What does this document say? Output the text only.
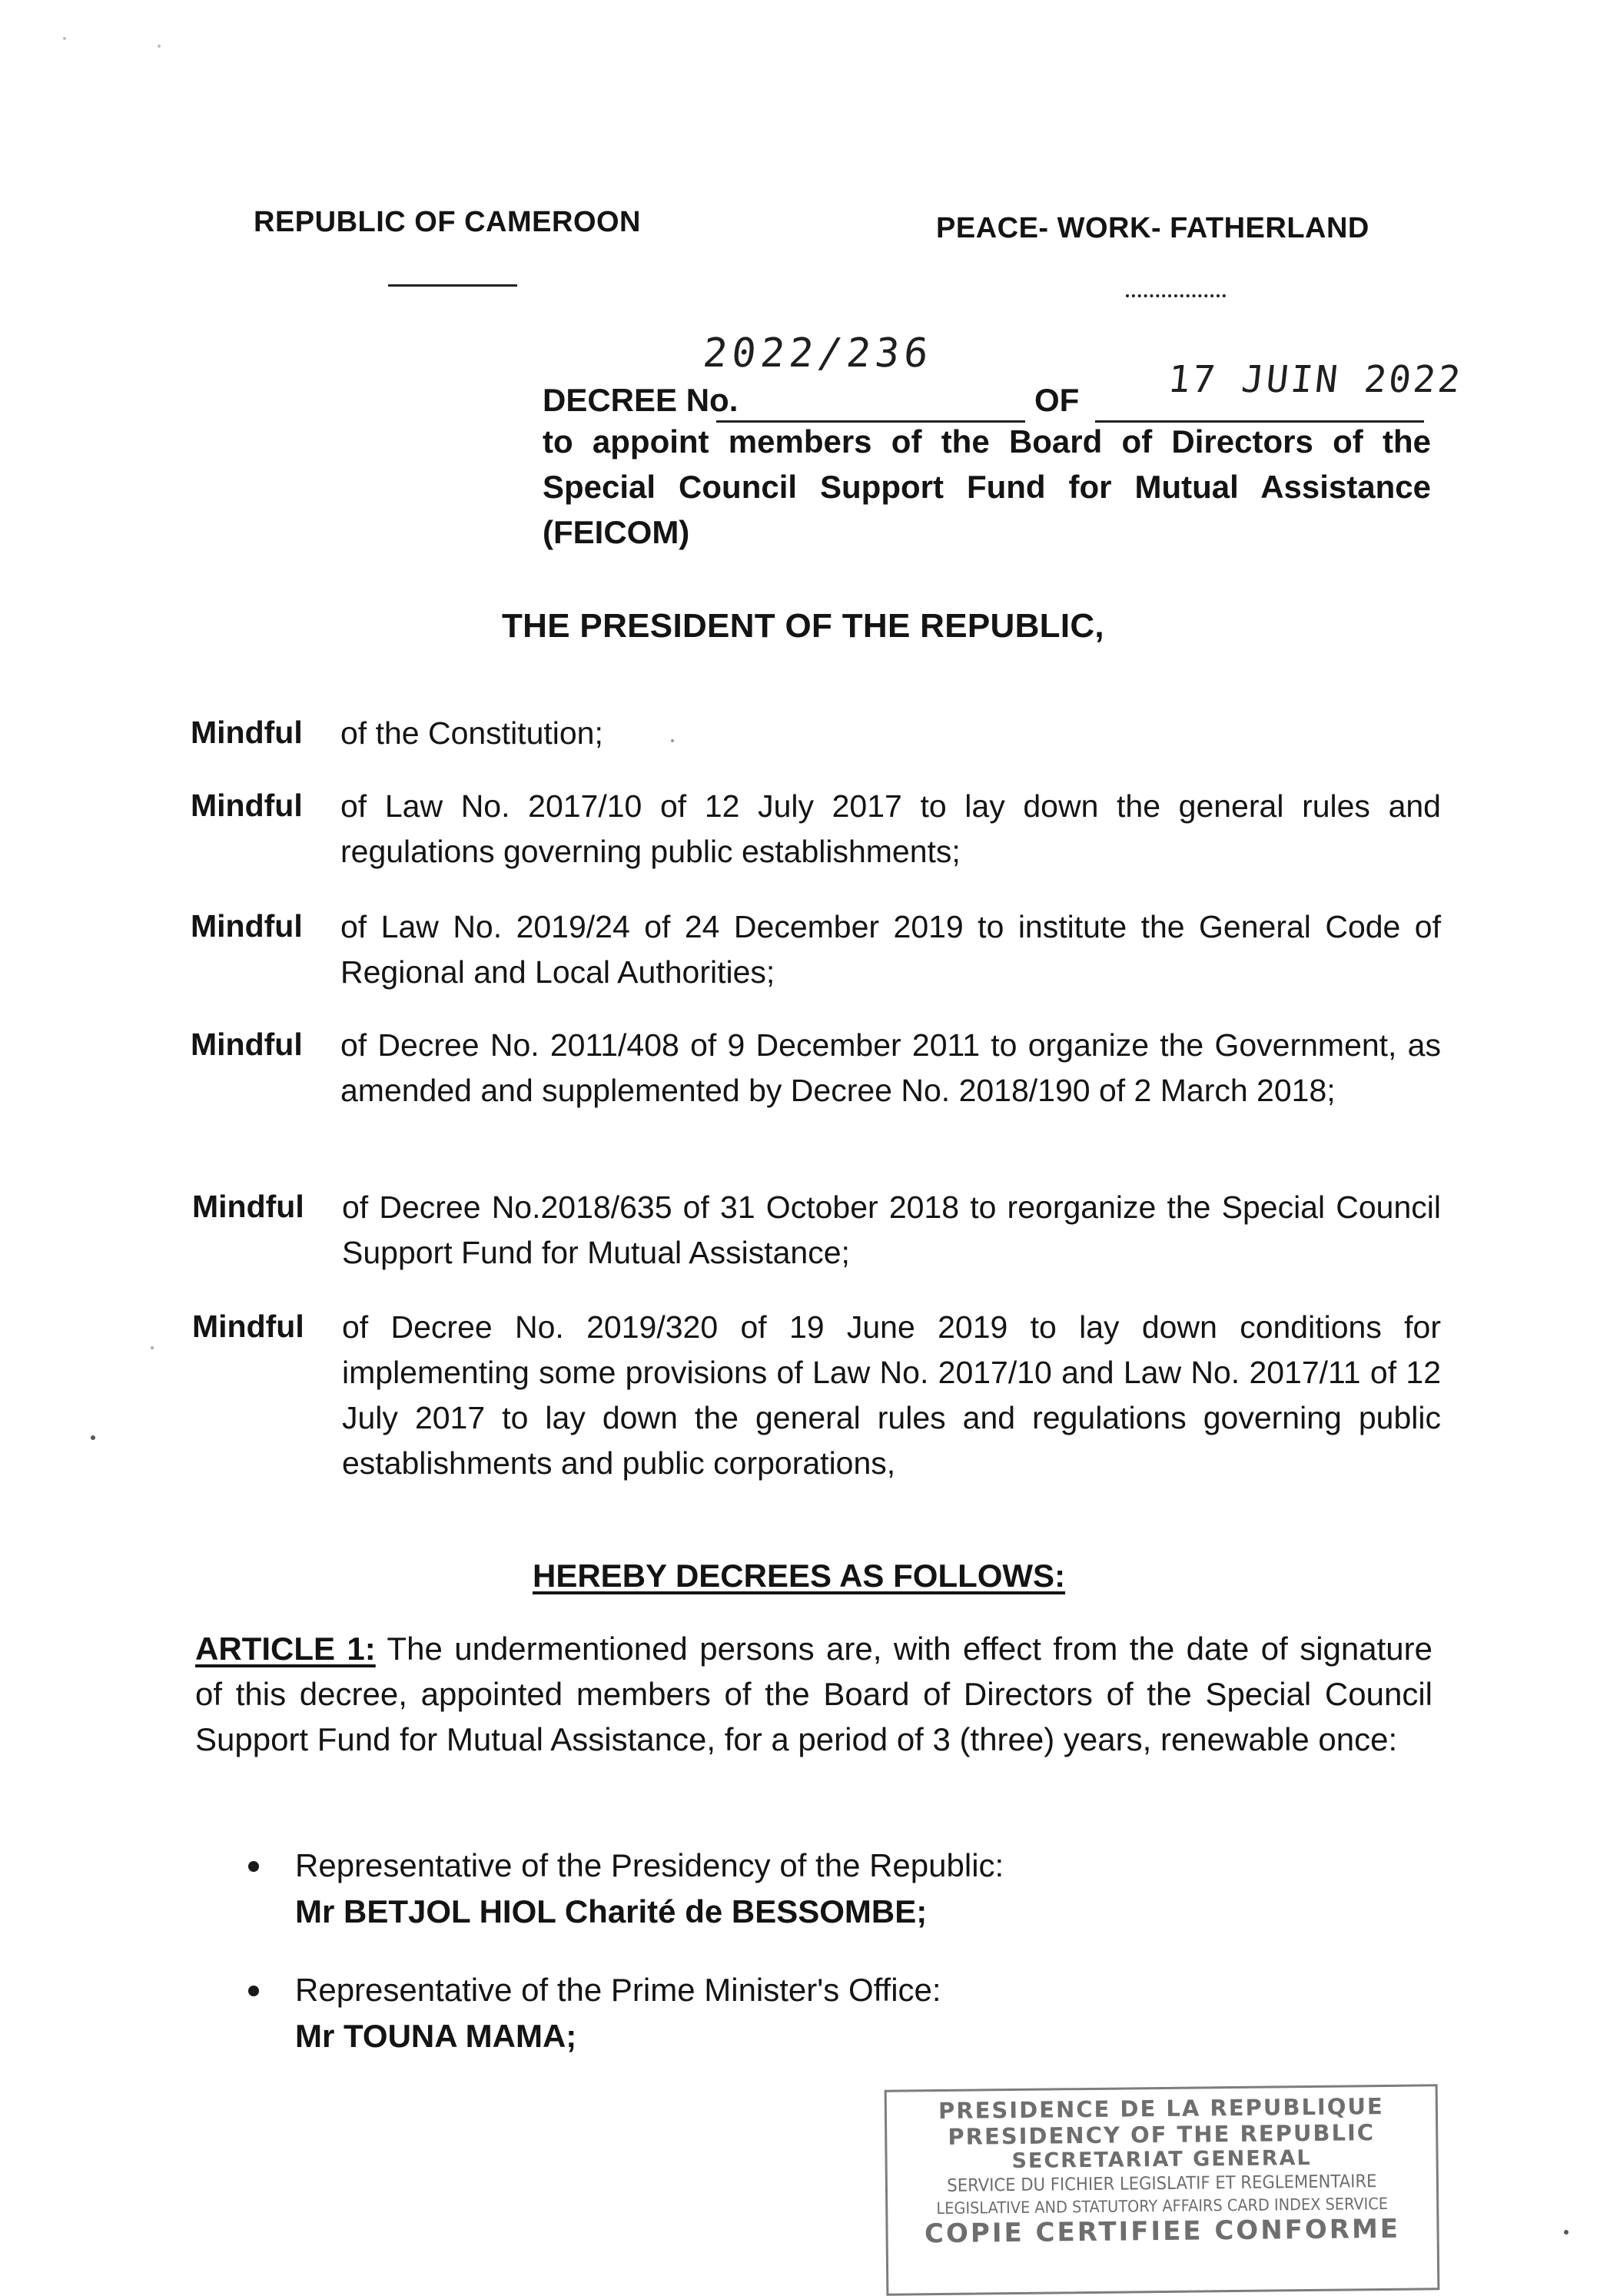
REPUBLIC OF CAMEROON	PEACE- WORK- FATHERLAND
2022/236
17 JUIN 2022
DECREE No.	OF
to appoint members of the Board of Directors of the Special Council Support Fund for Mutual Assistance (FEICOM)
THE PRESIDENT OF THE REPUBLIC,
Mindful	of the Constitution;
Mindful	of Law No. 2017/10 of 12 July 2017 to lay down the general rules and regulations governing public establishments;
Mindful	of Law No. 2019/24 of 24 December 2019 to institute the General Code of Regional and Local Authorities;
Mindful	of Decree No. 2011/408 of 9 December 2011 to organize the Government, as amended and supplemented by Decree No. 2018/190 of 2 March 2018;
Mindful	of Decree No.2018/635 of 31 October 2018 to reorganize the Special Council Support Fund for Mutual Assistance;
Mindful	of Decree No. 2019/320 of 19 June 2019 to lay down conditions for implementing some provisions of Law No. 2017/10 and Law No. 2017/11 of 12 July 2017 to lay down the general rules and regulations governing public establishments and public corporations,
HEREBY DECREES AS FOLLOWS:
ARTICLE 1: The undermentioned persons are, with effect from the date of signature of this decree, appointed members of the Board of Directors of the Special Council Support Fund for Mutual Assistance, for a period of 3 (three) years, renewable once:
Representative of the Presidency of the Republic:
Mr BETJOL HIOL Charité de BESSOMBE;
Representative of the Prime Minister's Office:
Mr TOUNA MAMA;
PRESIDENCE DE LA REPUBLIQUE
PRESIDENCY OF THE REPUBLIC
SECRETARIAT GENERAL
SERVICE DU FICHIER LEGISLATIF ET REGLEMENTAIRE
LEGISLATIVE AND STATUTORY AFFAIRS CARD INDEX SERVICE
COPIE CERTIFIEE CONFORME
